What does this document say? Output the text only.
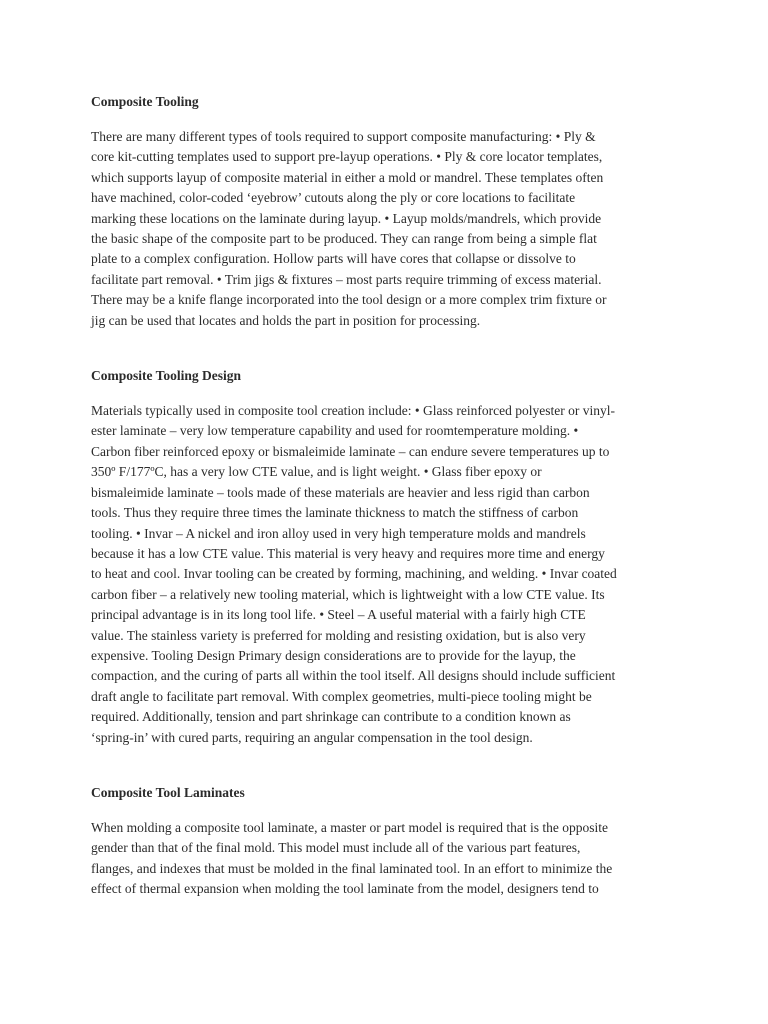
Composite Tooling

There are many different types of tools required to support composite manufacturing: • Ply &
core kit-cutting templates used to support pre-layup operations. • Ply & core locator templates,
which supports layup of composite material in either a mold or mandrel. These templates often
have machined, color-coded ‘eyebrow’ cutouts along the ply or core locations to facilitate
marking these locations on the laminate during layup. • Layup molds/mandrels, which provide
the basic shape of the composite part to be produced. They can range from being a simple flat
plate to a complex configuration. Hollow parts will have cores that collapse or dissolve to
facilitate part removal. • Trim jigs & fixtures – most parts require trimming of excess material.
There may be a knife flange incorporated into the tool design or a more complex trim fixture or
jig can be used that locates and holds the part in position for processing.

Composite Tooling Design

Materials typically used in composite tool creation include: • Glass reinforced polyester or vinyl-
ester laminate – very low temperature capability and used for roomtemperature molding. •
Carbon fiber reinforced epoxy or bismaleimide laminate – can endure severe temperatures up to
350º F/177ºC, has a very low CTE value, and is light weight. • Glass fiber epoxy or
bismaleimide laminate – tools made of these materials are heavier and less rigid than carbon
tools. Thus they require three times the laminate thickness to match the stiffness of carbon
tooling. • Invar – A nickel and iron alloy used in very high temperature molds and mandrels
because it has a low CTE value. This material is very heavy and requires more time and energy
to heat and cool. Invar tooling can be created by forming, machining, and welding. • Invar coated
carbon fiber – a relatively new tooling material, which is lightweight with a low CTE value. Its
principal advantage is in its long tool life. • Steel – A useful material with a fairly high CTE
value. The stainless variety is preferred for molding and resisting oxidation, but is also very
expensive. Tooling Design Primary design considerations are to provide for the layup, the
compaction, and the curing of parts all within the tool itself. All designs should include sufficient
draft angle to facilitate part removal. With complex geometries, multi-piece tooling might be
required. Additionally, tension and part shrinkage can contribute to a condition known as
‘spring-in’ with cured parts, requiring an angular compensation in the tool design.

Composite Tool Laminates

When molding a composite tool laminate, a master or part model is required that is the opposite
gender than that of the final mold. This model must include all of the various part features,
flanges, and indexes that must be molded in the final laminated tool. In an effort to minimize the
effect of thermal expansion when molding the tool laminate from the model, designers tend to
